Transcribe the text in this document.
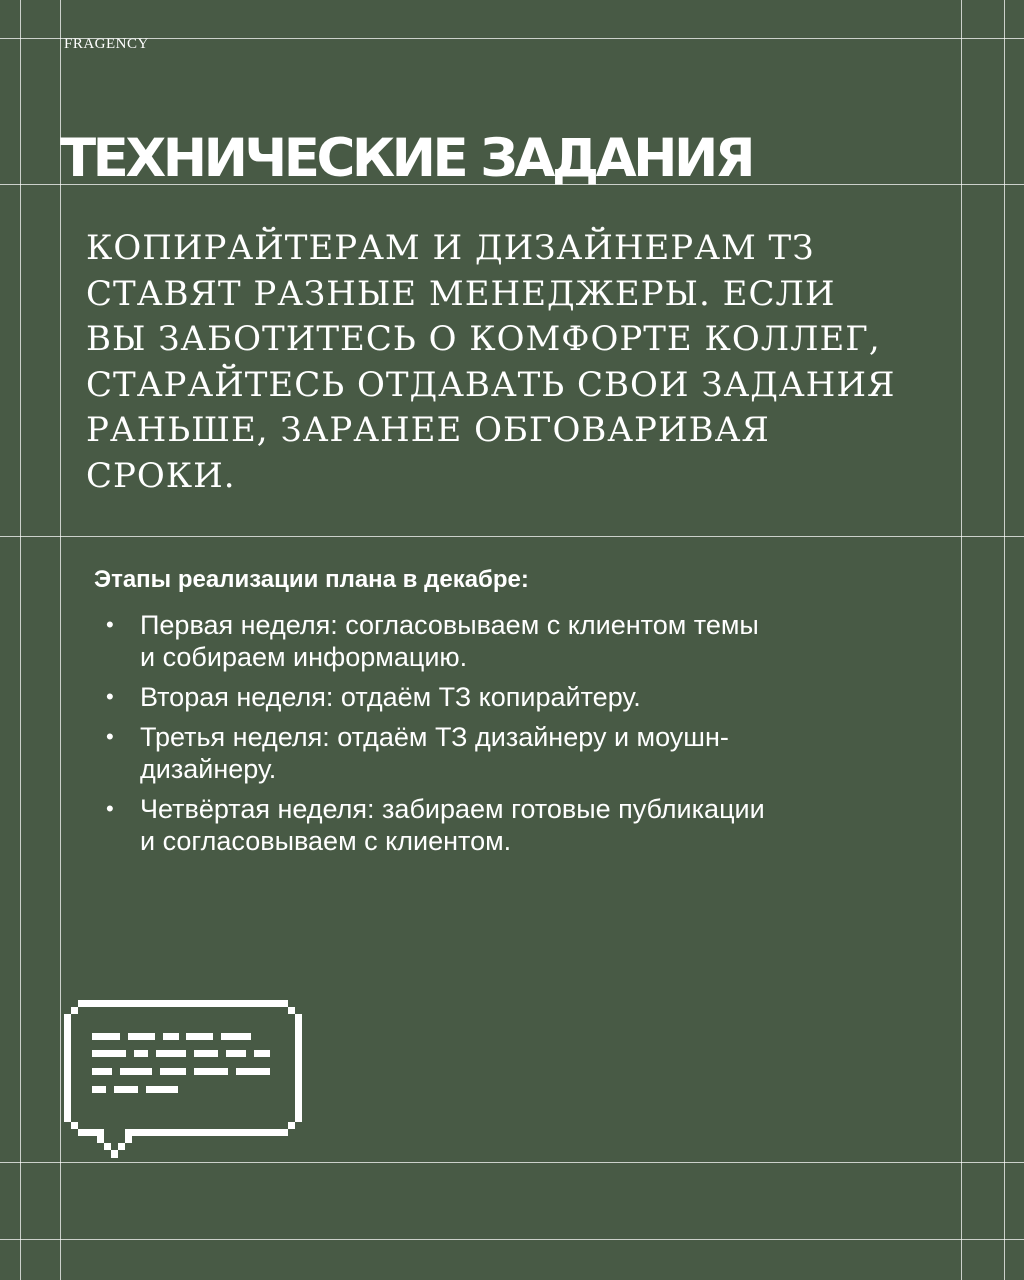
FRAGENCY
ТЕХНИЧЕСКИЕ ЗАДАНИЯ
КОПИРАЙТЕРАМ И ДИЗАЙНЕРАМ ТЗ
СТАВЯТ РАЗНЫЕ МЕНЕДЖЕРЫ. ЕСЛИ
ВЫ ЗАБОТИТЕСЬ О КОМФОРТЕ КОЛЛЕГ,
СТАРАЙТЕСЬ ОТДАВАТЬ СВОИ ЗАДАНИЯ
РАНЬШЕ, ЗАРАНЕЕ ОБГОВАРИВАЯ
СРОКИ.
Этапы реализации плана в декабре:
• Первая неделя: согласовываем с клиентом темы
и собираем информацию.
• Вторая неделя: отдаём ТЗ копирайтеру.
• Третья неделя: отдаём ТЗ дизайнеру и моушн-
дизайнеру.
• Четвёртая неделя: забираем готовые публикации
и согласовываем с клиентом.
